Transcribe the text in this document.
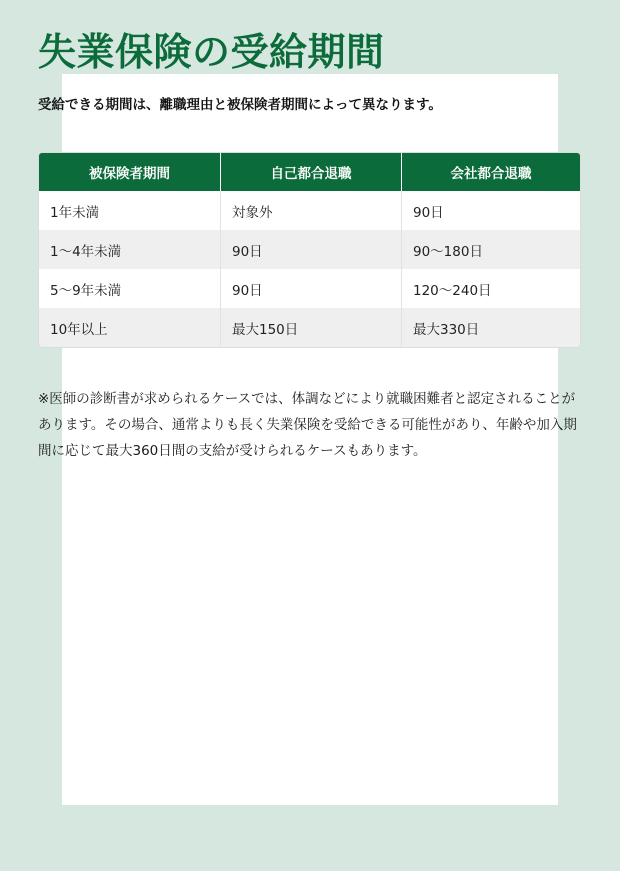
失業保険の受給期間

受給できる期間は、離職理由と被保険者期間によって異なります。

被保険者期間	自己都合退職	会社都合退職
1年未満	対象外	90日
1〜4年未満	90日	90〜180日
5〜9年未満	90日	120〜240日
10年以上	最大150日	最大330日

※医師の診断書が求められるケースでは、体調などにより就職困難者と認定されることがあります。その場合、通常よりも長く失業保険を受給できる可能性があり、年齢や加入期間に応じて最大360日間の支給が受けられるケースもあります。
